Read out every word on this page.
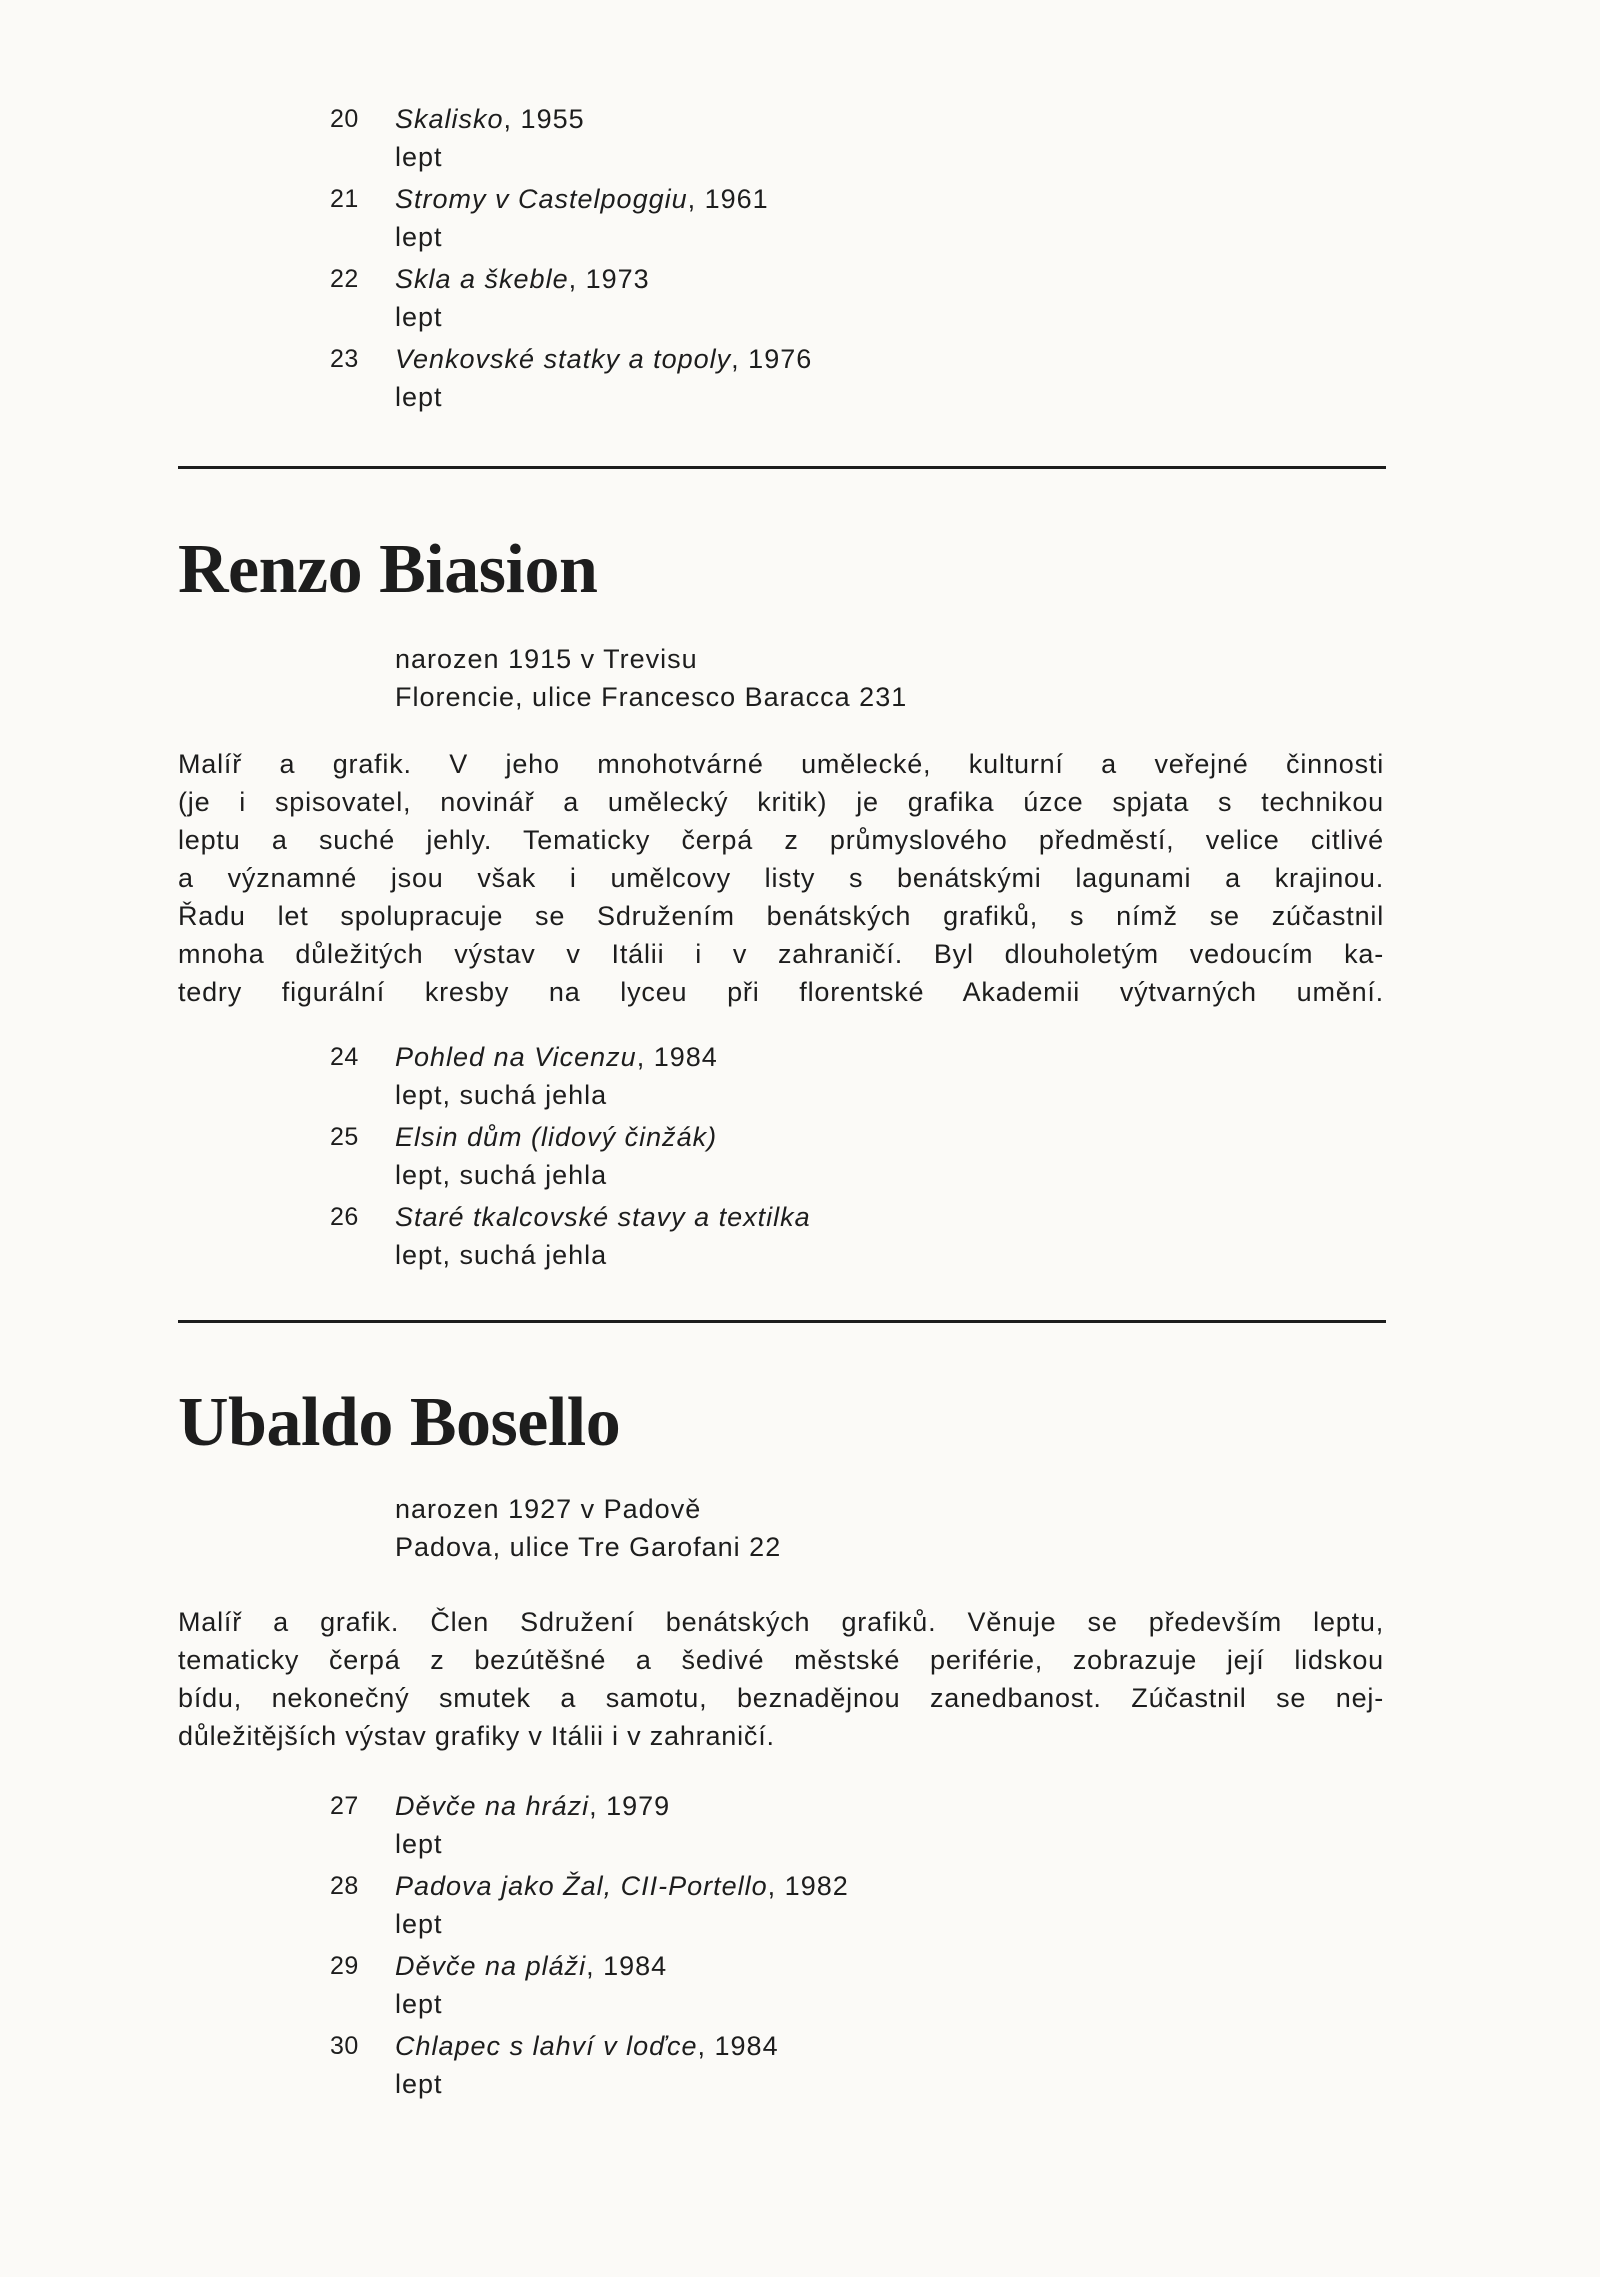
20	Skalisko, 1955
lept
21	Stromy v Castelpoggiu, 1961
lept
22	Skla a škeble, 1973
lept
23	Venkovské statky a topoly, 1976
lept
Renzo Biasion
narozen 1915 v Trevisu
Florencie, ulice Francesco Baracca 231

Malíř a grafik. V jeho mnohotvárné umělecké, kulturní a veřejné činnosti
(je i spisovatel, novinář a umělecký kritik) je grafika úzce spjata s technikou
leptu a suché jehly. Tematicky čerpá z průmyslového předměstí, velice citlivé
a významné jsou však i umělcovy listy s benátskými lagunami a krajinou.
Řadu let spolupracuje se Sdružením benátských grafiků, s nímž se zúčastnil
mnoha důležitých výstav v Itálii i v zahraničí. Byl dlouholetým vedoucím ka-
tedry figurální kresby na lyceu při florentské Akademii výtvarných umění.

24	Pohled na Vicenzu, 1984
lept, suchá jehla
25	Elsin dům (lidový činžák)
lept, suchá jehla
26	Staré tkalcovské stavy a textilka
lept, suchá jehla
Ubaldo Bosello
narozen 1927 v Padově
Padova, ulice Tre Garofani 22

Malíř a grafik. Člen Sdružení benátských grafiků. Věnuje se především leptu,
tematicky čerpá z bezútěšné a šedivé městské periférie, zobrazuje její lidskou
bídu, nekonečný smutek a samotu, beznadějnou zanedbanost. Zúčastnil se nej-
důležitějších výstav grafiky v Itálii i v zahraničí.

27	Děvče na hrázi, 1979
lept
28	Padova jako Žal, CII-Portello, 1982
lept
29	Děvče na pláži, 1984
lept
30	Chlapec s lahví v loďce, 1984
lept
